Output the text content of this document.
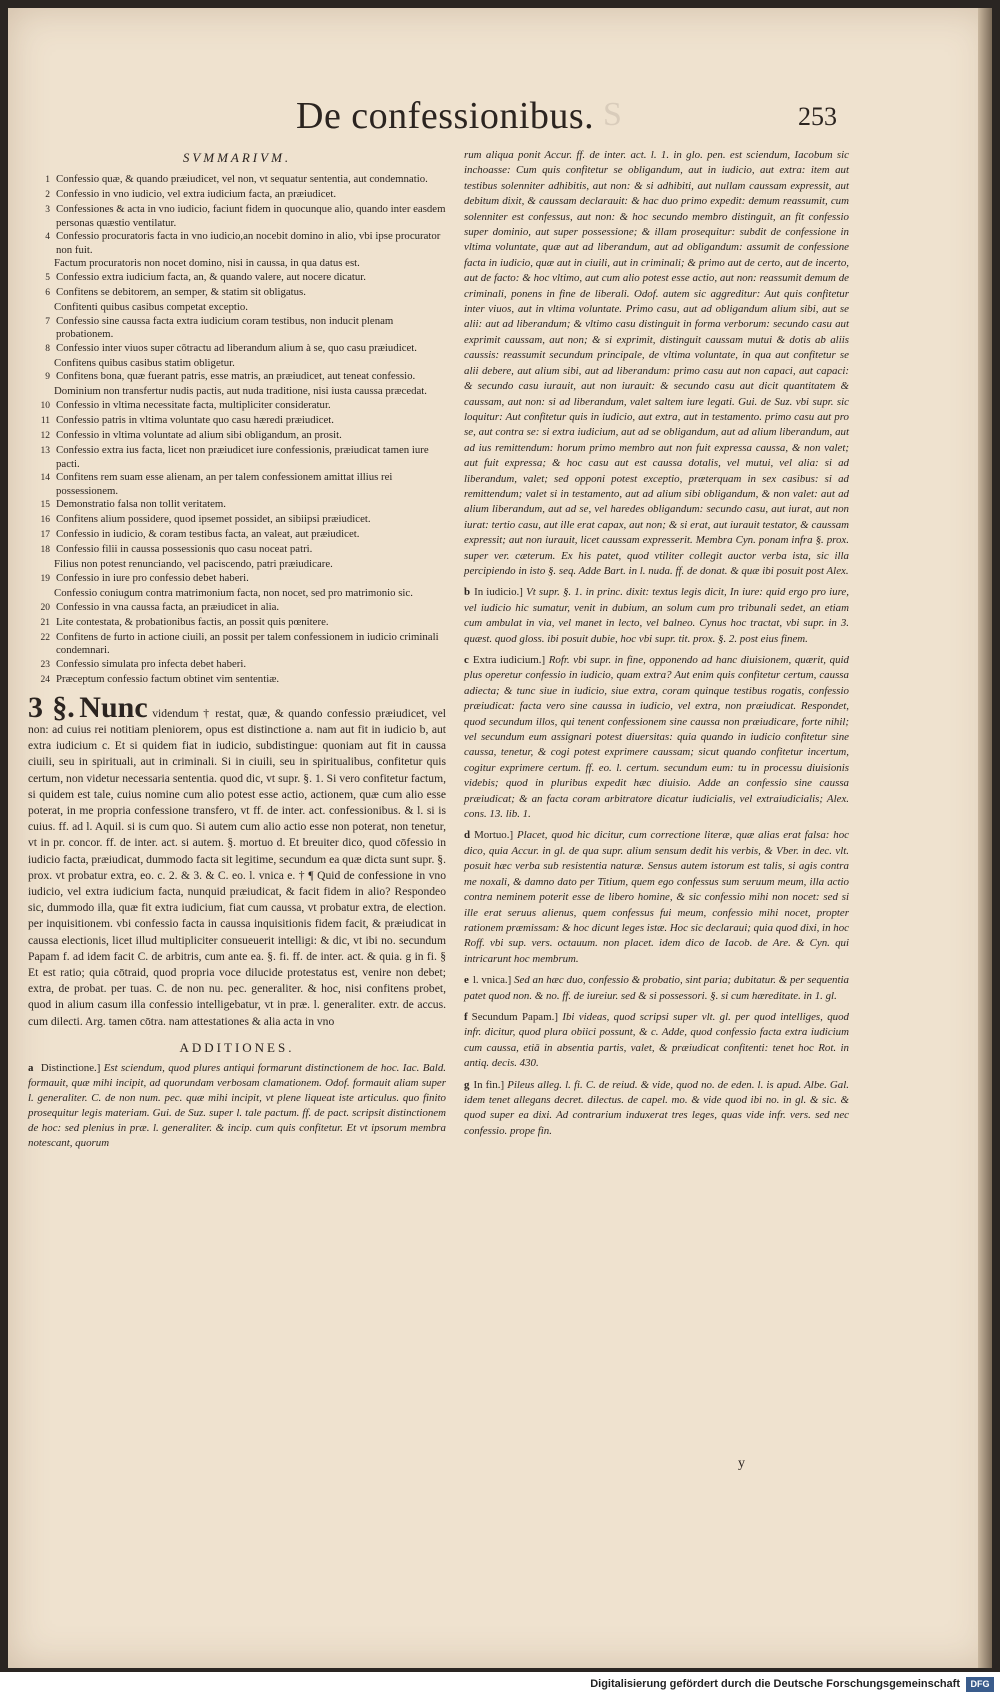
S
De confessionibus.	253
SVMMARIVM.
1 Confessio quæ, & quando præiudicet, vel non, vt sequatur sententia, aut condemnatio.
2 Confessio in vno iudicio, vel extra iudicium facta, an præiudicet.
3 Confessiones & acta in vno iudicio, faciunt fidem in quocunque alio, quando inter easdem personas quæstio ventilatur.
4 Confessio procuratoris facta in vno iudicio,an nocebit domino in alio, vbi ipse procurator non fuit.
Factum procuratoris non nocet domino, nisi in caussa, in qua datus est.
5 Confessio extra iudicium facta, an, & quando valere, aut nocere dicatur.
6 Confitens se debitorem, an semper, & statim sit obligatus.
Confitenti quibus casibus competat exceptio.
7 Confessio sine caussa facta extra iudicium coram testibus, non inducit plenam probationem.
8 Confessio inter viuos super cōtractu ad liberandum alium à se, quo casu præiudicet.
Confitens quibus casibus statim obligetur.
9 Confitens bona, quæ fuerant patris, esse matris, an præiudicet, aut teneat confessio.
Dominium non transfertur nudis pactis, aut nuda traditione, nisi iusta caussa præcedat.
10 Confessio in vltima necessitate facta, multipliciter consideratur.
11 Confessio patris in vltima voluntate quo casu hæredi præiudicet.
12 Confessio in vltima voluntate ad alium sibi obligandum, an prosit.
13 Confessio extra ius facta, licet non præiudicet iure confessionis, præiudicat tamen iure pacti.
14 Confitens rem suam esse alienam, an per talem confessionem amittat illius rei possessionem.
15 Demonstratio falsa non tollit veritatem.
16 Confitens alium possidere, quod ipsemet possidet, an sibiipsi præiudicet.
17 Confessio in iudicio, & coram testibus facta, an valeat, aut præiudicet.
18 Confessio filii in caussa possessionis quo casu noceat patri.
Filius non potest renunciando, vel paciscendo, patri præiudicare.
19 Confessio in iure pro confessio debet haberi.
Confessio coniugum contra matrimonium facta, non nocet, sed pro matrimonio sic.
20 Confessio in vna caussa facta, an præiudicet in alia.
21 Lite contestata, & probationibus factis, an possit quis pœnitere.
22 Confitens de furto in actione ciuili, an possit per talem confessionem in iudicio criminali condemnari.
23 Confessio simulata pro infecta debet haberi.
24 Præceptum confessio factum obtinet vim sententiæ.
3 §. Nunc videndum † restat, quæ, & quando confessio præiudicet, vel non: ad cuius rei notitiam pleniorem, opus est distinctione a. nam aut fit in iudicio b, aut extra iudicium c. Et si quidem fiat in iudicio, subdistingue: quoniam aut fit in caussa ciuili, seu in spirituali, aut in criminali. Si in ciuili, seu in spiritualibus, confitetur quis certum, non videtur necessaria sententia. quod dic, vt supr. §. 1. Si vero confitetur factum, si quidem est tale, cuius nomine cum alio potest esse actio, actionem, quæ cum alio esse poterat, in me propria confessione transfero, vt ff. de inter. act. confessionibus. & l. si is cuius. ff. ad l. Aquil. si is cum quo. Si autem cum alio actio esse non poterat, non tenetur, vt in pr. concor. ff. de inter. act. si autem. §. mortuo d. Et breuiter dico, quod cōfessio in iudicio facta, præiudicat, dummodo facta sit legitime, secundum ea quæ dicta sunt supr. §. prox. vt probatur extra, eo. c. 2. & 3. & C. eo. l. vnica e. † ¶ Quid de confessione in vno iudicio, vel extra iudicium facta, nunquid præiudicat, & facit fidem in alio? Respondeo sic, dummodo illa, quæ fit extra iudicium, fiat cum caussa, vt probatur extra, de election. per inquisitionem. vbi confessio facta in caussa inquisitionis fidem facit, & præiudicat in caussa electionis, licet illud multipliciter consueuerit intelligi: & dic, vt ibi no. secundum Papam f. ad idem facit C. de arbitris, cum ante ea. §. fi. ff. de inter. act. & quia. g in fi. § Et est ratio; quia cōtraid, quod propria voce dilucide protestatus est, venire non debet; extra, de probat. per tuas. C. de non nu. pec. generaliter. & hoc, nisi confitens probet, quod in alium casum illa confessio intelligebatur, vt in præ. l. generaliter. extr. de accus. cum dilecti. Arg. tamen cōtra. nam attestationes & alia acta in vno
ADDITIONES.
a Distinctione.] Est sciendum, quod plures antiqui formarunt distinctionem de hoc. Iac. Bald. formauit, quæ mihi incipit, ad quorundam verbosam clamationem. Odof. formauit aliam super l. generaliter. C. de non num. pec. quæ mihi incipit, vt plene liqueat iste articulus. quo finito prosequitur legis materiam. Gui. de Suz. super l. tale pactum. ff. de pact. scripsit distinctionem de hoc: sed plenius in præ. l. generaliter. & incip. cum quis confitetur. Et vt ipsorum membra notescant, quorum
rum aliqua ponit Accur. ff. de inter. act. l. 1. in glo. pen. est sciendum, Iacobum sic inchoasse: Cum quis confitetur se obligandum, aut in iudicio, aut extra: item aut testibus solenniter adhibitis, aut non: & si adhibiti, aut nullam caussam expressit, aut debitum dixit, & caussam declarauit: & hac duo primo expedit: demum reassumit, cum solenniter est confessus, aut non: & hoc secundo membro distinguit, an fit confessio super dominio, aut super possessione; & illam prosequitur: subdit de confessione in vltima voluntate, quæ aut ad liberandum, aut ad obligandum: assumit de confessione facta in iudicio, quæ aut in ciuili, aut in criminali; & primo aut de certo, aut de incerto, aut de facto: & hoc vltimo, aut cum alio potest esse actio, aut non: reassumit demum de criminali, ponens in fine de liberali. Odof. autem sic aggreditur: Aut quis confitetur inter viuos, aut in vltima voluntate. Primo casu, aut ad obligandum alium sibi, aut se alii: aut ad liberandum; & vltimo casu distinguit in forma verborum: secundo casu aut exprimit caussam, aut non; & si exprimit, distinguit caussam mutui & dotis ab aliis caussis: reassumit secundum principale, de vltima voluntate, in qua aut confitetur se alii debere, aut alium sibi, aut ad liberandum: primo casu aut non capaci, aut capaci: & secundo casu iurauit, aut non iurauit: & secundo casu aut dicit quantitatem & caussam, aut non: si ad liberandum, valet saltem iure legati. Gui. de Suz. vbi supr. sic loquitur: Aut confitetur quis in iudicio, aut extra, aut in testamento. primo casu aut pro se, aut contra se: si extra iudicium, aut ad se obligandum, aut ad alium liberandum, aut ad ius remittendum: horum primo membro aut non fuit expressa caussa, & non valet; aut fuit expressa; & hoc casu aut est caussa dotalis, vel mutui, vel alia: si ad liberandum, valet; sed opponi potest exceptio, præterquam in sex casibus: si ad remittendum; valet si in testamento, aut ad alium sibi obligandum, & non valet: aut ad alium liberandum, aut ad se, vel haredes obligandum: secundo casu, aut iurat, aut non iurat: tertio casu, aut ille erat capax, aut non; & si erat, aut iurauit testator, & caussam expressit; aut non iurauit, licet caussam expresserit. Membra Cyn. ponam infra §. prox. super ver. cæterum. Ex his patet, quod vtiliter collegit auctor verba ista, sic illa percipiendo in isto §. seq. Adde Bart. in l. nuda. ff. de donat. & quæ ibi posuit post Alex.
b In iudicio.] Vt supr. §. 1. in princ. dixit: textus legis dicit, In iure: quid ergo pro iure, vel iudicio hic sumatur, venit in dubium, an solum cum pro tribunali sedet, an etiam cum ambulat in via, vel manet in lecto, vel balneo. Cynus hoc tractat, vbi supr. in 3. quæst. quod gloss. ibi posuit dubie, hoc vbi supr. tit. prox. §. 2. post eius finem.
c Extra iudicium.] Rofr. vbi supr. in fine, opponendo ad hanc diuisionem, quærit, quid plus operetur confessio in iudicio, quam extra? Aut enim quis confitetur certum, caussa adiecta; & tunc siue in iudicio, siue extra, coram quinque testibus rogatis, confessio præiudicat: facta vero sine caussa in iudicio, vel extra, non præiudicat. Respondet, quod secundum illos, qui tenent confessionem sine caussa non præiudicare, forte nihil; vel secundum eum assignari potest diuersitas: quia quando in iudicio confitetur sine caussa, tenetur, & cogi potest exprimere caussam; sicut quando confitetur incertum, cogitur exprimere certum. ff. eo. l. certum. secundum eum: tu in processu diuisionis videbis; quod in pluribus expedit hæc diuisio. Adde an confessio sine caussa præiudicat; & an facta coram arbitratore dicatur iudicialis, vel extraiudicialis; Alex. cons. 13. lib. 1.
d Mortuo.] Placet, quod hic dicitur, cum correctione literæ, quæ alias erat falsa: hoc dico, quia Accur. in gl. de qua supr. alium sensum dedit his verbis, & Vber. in dec. vlt. posuit hæc verba sub resistentia naturæ. Sensus autem istorum est talis, si agis contra me noxali, & damno dato per Titium, quem ego confessus sum seruum meum, illa actio contra neminem poterit esse de libero homine, & sic confessio mihi non nocet: sed si ille erat seruus alienus, quem confessus fui meum, confessio mihi nocet, propter rationem præmissam: & hoc dicunt leges istæ. Hoc sic declaraui; quia quod dixi, in hoc Roff. vbi sup. vers. octauum. non placet. idem dico de Iacob. de Are. & Cyn. qui intricarunt hoc membrum.
e l. vnica.] Sed an hæc duo, confessio & probatio, sint paria; dubitatur. & per sequentia patet quod non. & no. ff. de iureiur. sed & si possessori. §. si cum hæreditate. in 1. gl.
f Secundum Papam.] Ibi videas, quod scripsi super vlt. gl. per quod intelliges, quod infr. dicitur, quod plura obiici possunt, & c. Adde, quod confessio facta extra iudicium cum caussa, etiā in absentia partis, valet, & præiudicat confitenti: tenet hoc Rot. in antiq. decis. 430.
g In fin.] Pileus alleg. l. fi. C. de reiud. & vide, quod no. de eden. l. is apud. Albe. Gal. idem tenet allegans decret. dilectus. de capel. mo. & vide quod ibi no. in gl. & sic. & quod super ea dixi. Ad contrarium induxerat tres leges, quas vide infr. vers. sed nec confessio. prope fin.
y
Digitalisierung gefördert durch die Deutsche Forschungsgemeinschaft	DFG
